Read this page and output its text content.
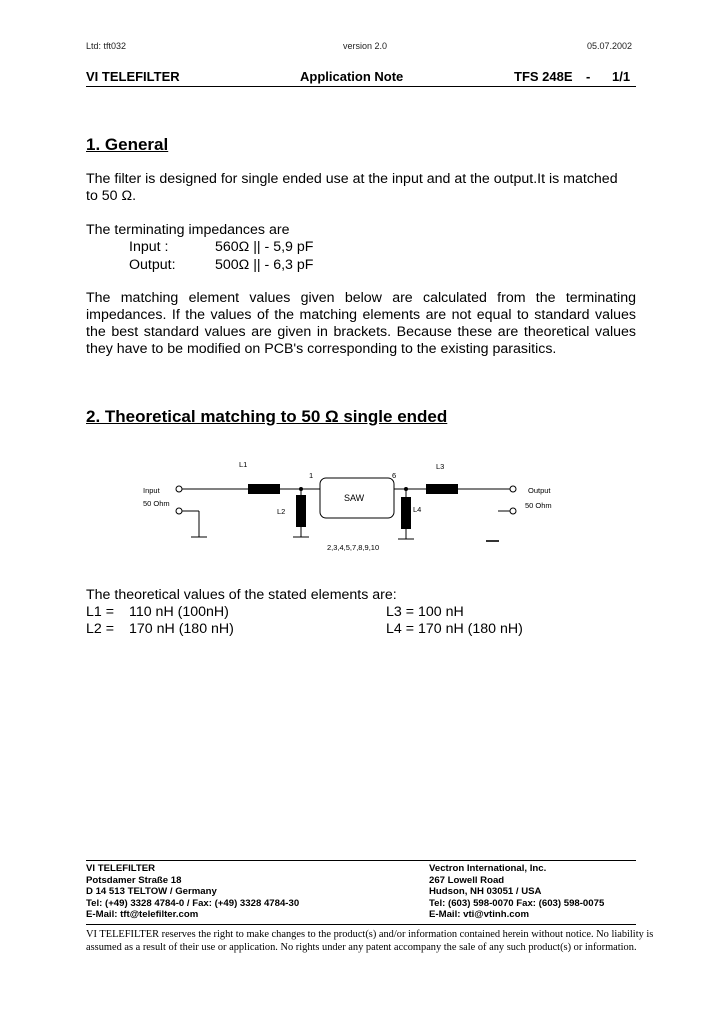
Ltd: tft032	version 2.0	05.07.2002
VI TELEFILTER	Application Note	TFS 248E - 1/1
1. General
The filter is designed for single ended use at the input and at the output.It is matched
to 50 Ω.
The terminating impedances are
Input :	560Ω || - 5,9 pF
Output:	500Ω || - 6,3 pF
The matching element values given below are calculated from the terminating impedances. If the values of the matching elements are not equal to standard values the best standard values are given in brackets. Because these are theoretical values they have to be modified on PCB's corresponding to the existing parasitics.
2. Theoretical matching to 50 Ω single ended
Input
50 Ohm
Output
50 Ohm
L1
L2
L3
L4
1	6
2,3,4,5,7,8,9,10
SAW
The theoretical values of the stated elements are:
L1 = 110 nH (100nH)
L2 = 170 nH (180 nH)
L3 = 100 nH
L4 = 170 nH (180 nH)
VI TELEFILTER
Potsdamer Straße 18
D 14 513 TELTOW / Germany
Tel: (+49) 3328 4784-0 / Fax: (+49) 3328 4784-30
E-Mail: tft@telefilter.com
Vectron International, Inc.
267 Lowell Road
Hudson, NH 03051 / USA
Tel: (603) 598-0070 Fax: (603) 598-0075
E-Mail: vti@vtinh.com
VI TELEFILTER reserves the right to make changes to the product(s) and/or information contained herein without notice. No liability is
assumed as a result of their use or application. No rights under any patent accompany the sale of any such product(s) or information.
